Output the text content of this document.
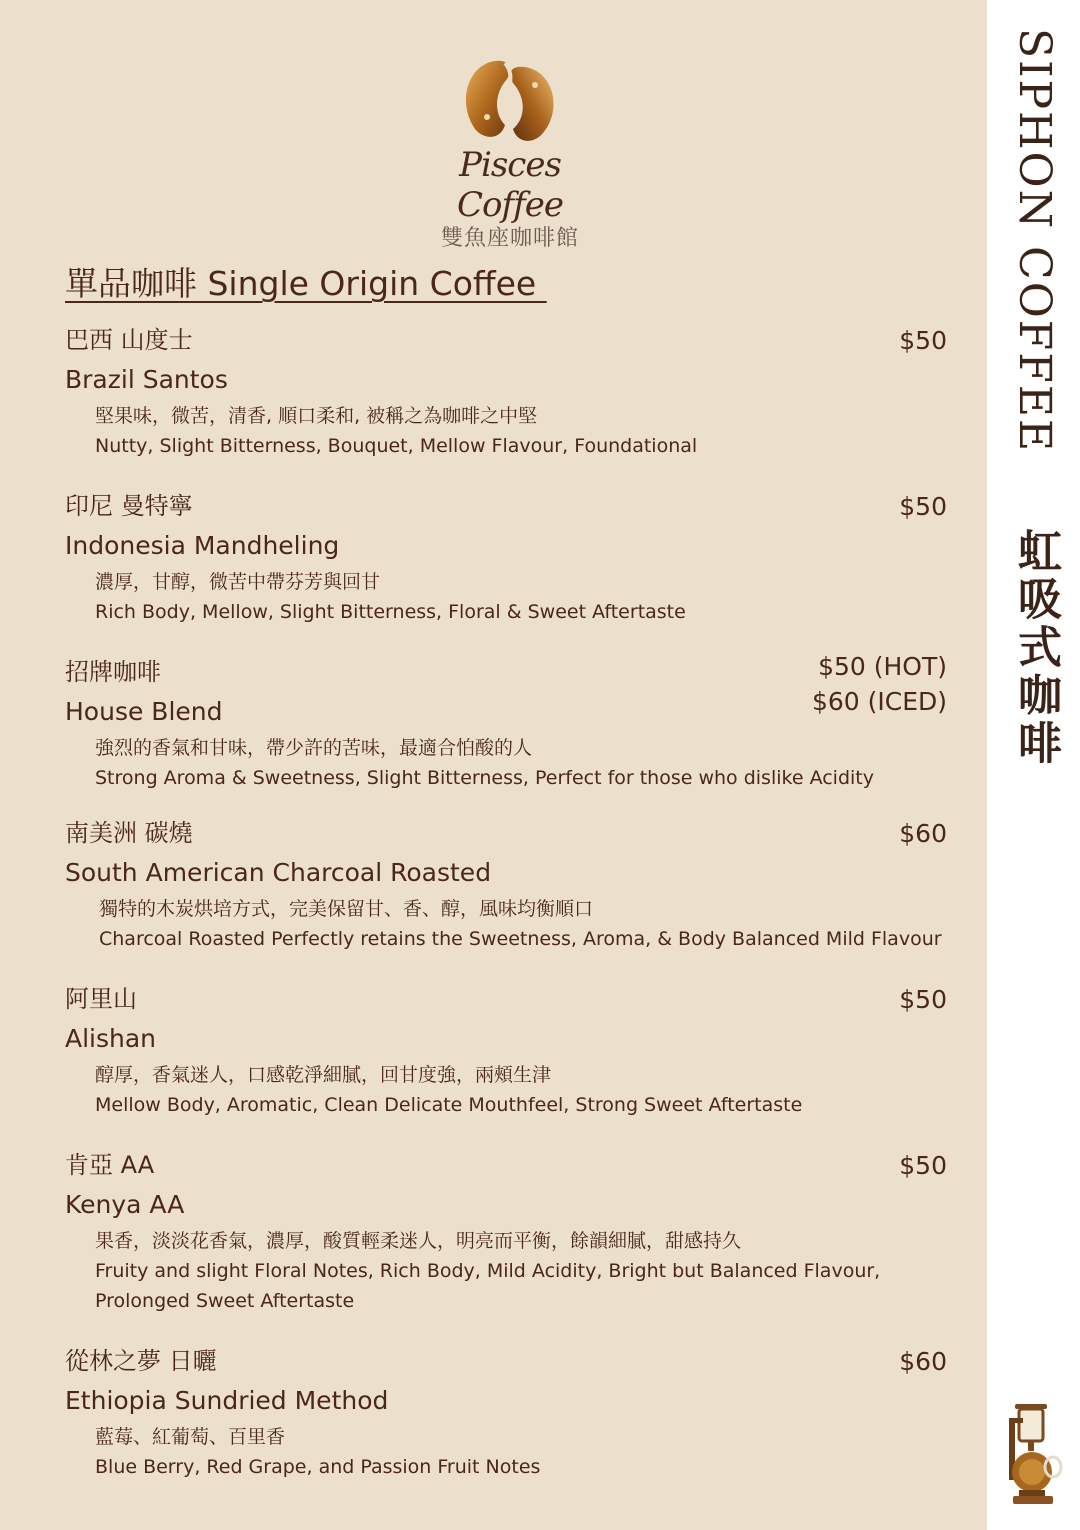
SIPHON COFFEE
虹吸式咖啡
Pisces Coffee
雙魚座咖啡館
單品咖啡 Single Origin Coffee
巴西 山度士
Brazil Santos
堅果味，微苦，清香, 順口柔和, 被稱之為咖啡之中堅
Nutty, Slight Bitterness, Bouquet, Mellow Flavour, Foundational
$50
印尼 曼特寧
Indonesia Mandheling
濃厚，甘醇，微苦中帶芬芳與回甘
Rich Body, Mellow, Slight Bitterness, Floral & Sweet Aftertaste
$50
招牌咖啡
House Blend
強烈的香氣和甘味，帶少許的苦味，最適合怕酸的人
Strong Aroma & Sweetness, Slight Bitterness, Perfect for those who dislike Acidity
$50 (HOT)
$60 (ICED)
南美洲 碳燒
South American Charcoal Roasted
獨特的木炭烘培方式，完美保留甘、香、醇，風味均衡順口
Charcoal Roasted Perfectly retains the Sweetness, Aroma, & Body Balanced Mild Flavour
$60
阿里山
Alishan
醇厚，香氣迷人，口感乾淨細膩，回甘度強，兩頰生津
Mellow Body, Aromatic, Clean Delicate Mouthfeel, Strong Sweet Aftertaste
$50
肯亞 AA
Kenya AA
果香，淡淡花香氣，濃厚，酸質輕柔迷人，明亮而平衡，餘韻細膩，甜感持久
Fruity and slight Floral Notes, Rich Body, Mild Acidity, Bright but Balanced Flavour,
Prolonged Sweet Aftertaste
$50
從林之夢 日曬
Ethiopia Sundried Method
藍莓、紅葡萄、百里香
Blue Berry, Red Grape, and Passion Fruit Notes
$60
